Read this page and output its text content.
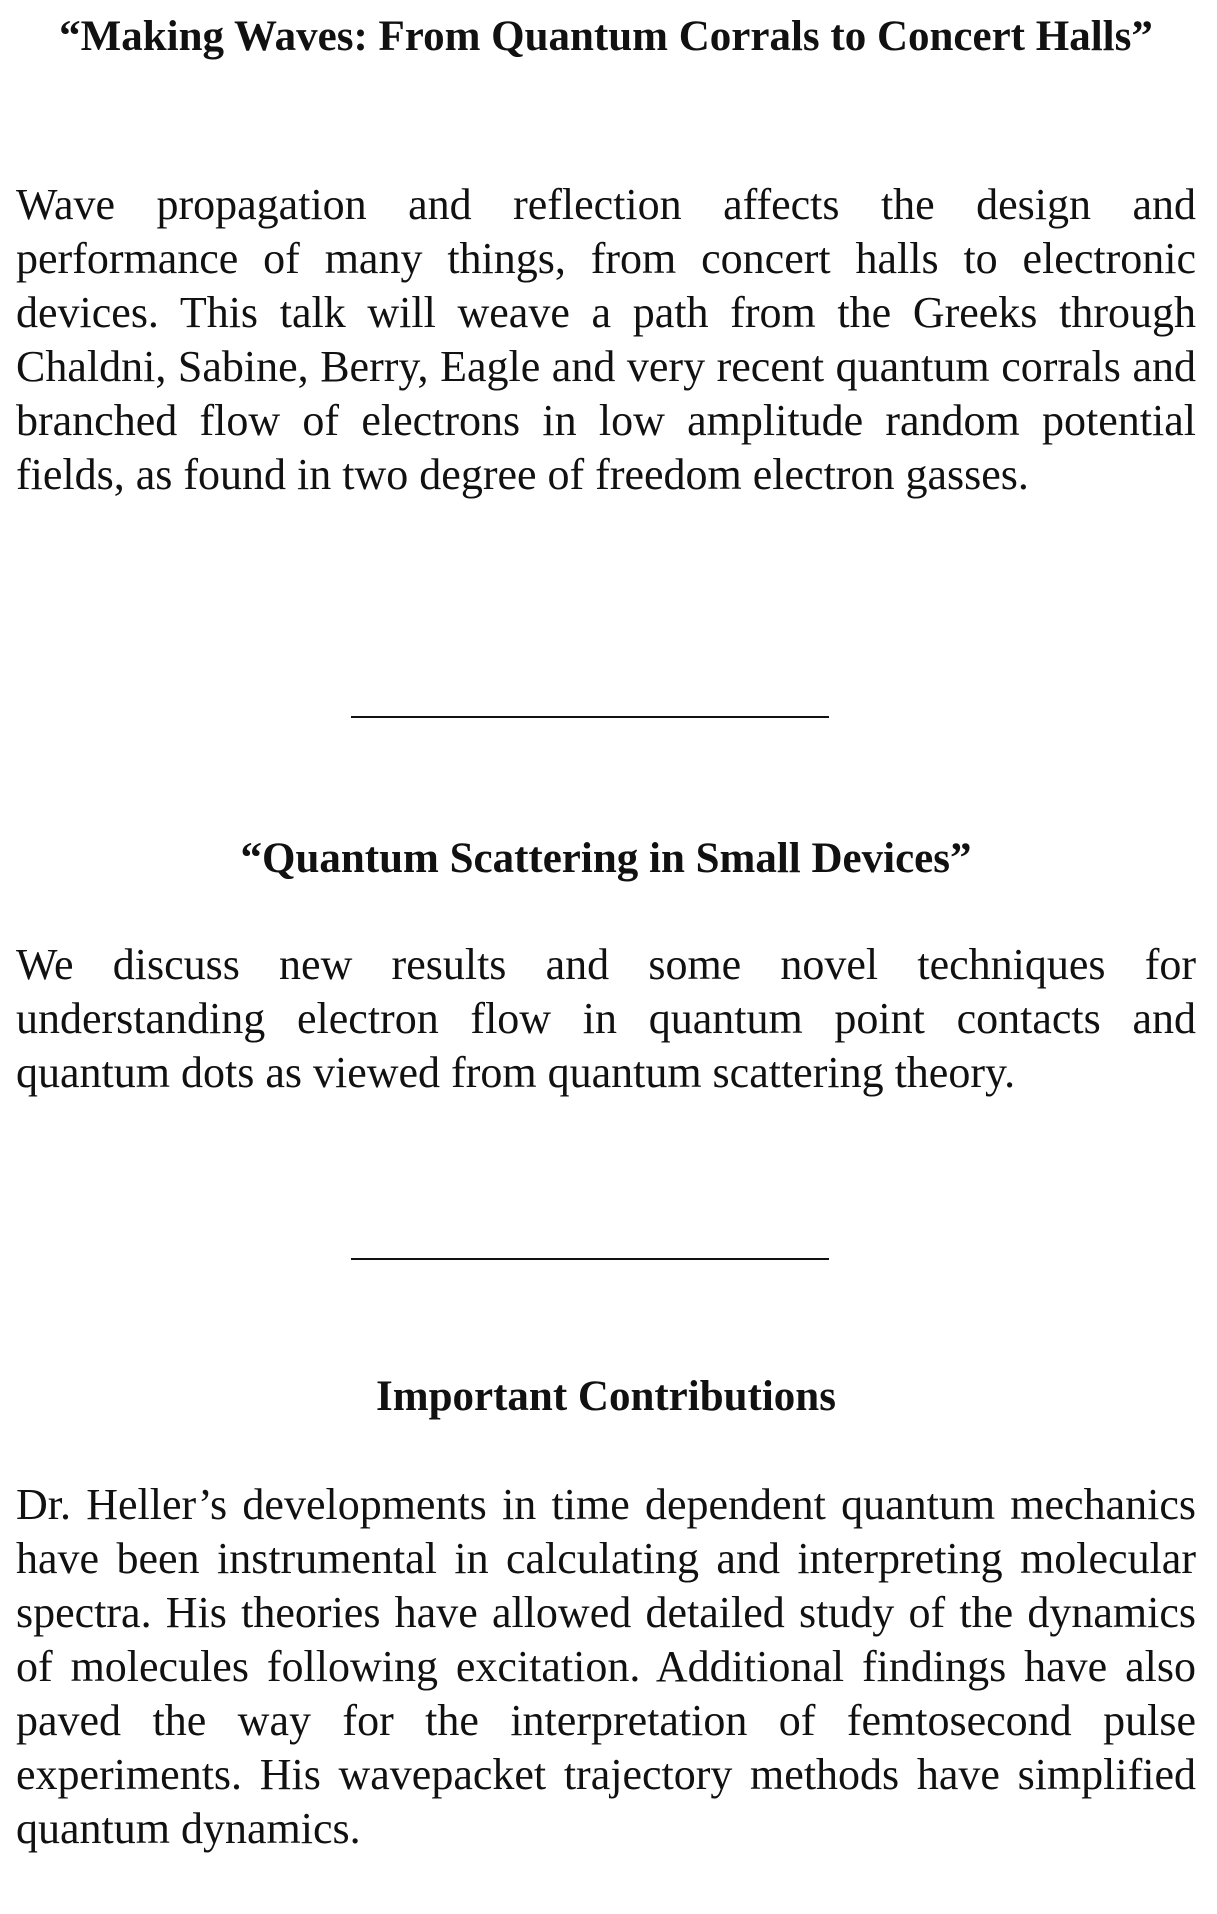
“Making Waves: From Quantum Corrals to Concert Halls”

Wave propagation and reflection affects the design and performance of many things, from concert halls to electronic devices. This talk will weave a path from the Greeks through Chaldni, Sabine, Berry, Eagle and very recent quantum corrals and branched flow of electrons in low amplitude random potential fields, as found in two degree of freedom electron gasses.

“Quantum Scattering in Small Devices”

We discuss new results and some novel techniques for understanding electron flow in quantum point contacts and quantum dots as viewed from quantum scattering theory.

Important Contributions

Dr. Heller’s developments in time dependent quantum mechanics have been instrumental in calculating and interpreting molecular spectra. His theories have allowed detailed study of the dynamics of molecules following excitation. Additional findings have also paved the way for the interpretation of femtosecond pulse experiments. His wavepacket trajectory methods have simplified quantum dynamics.
